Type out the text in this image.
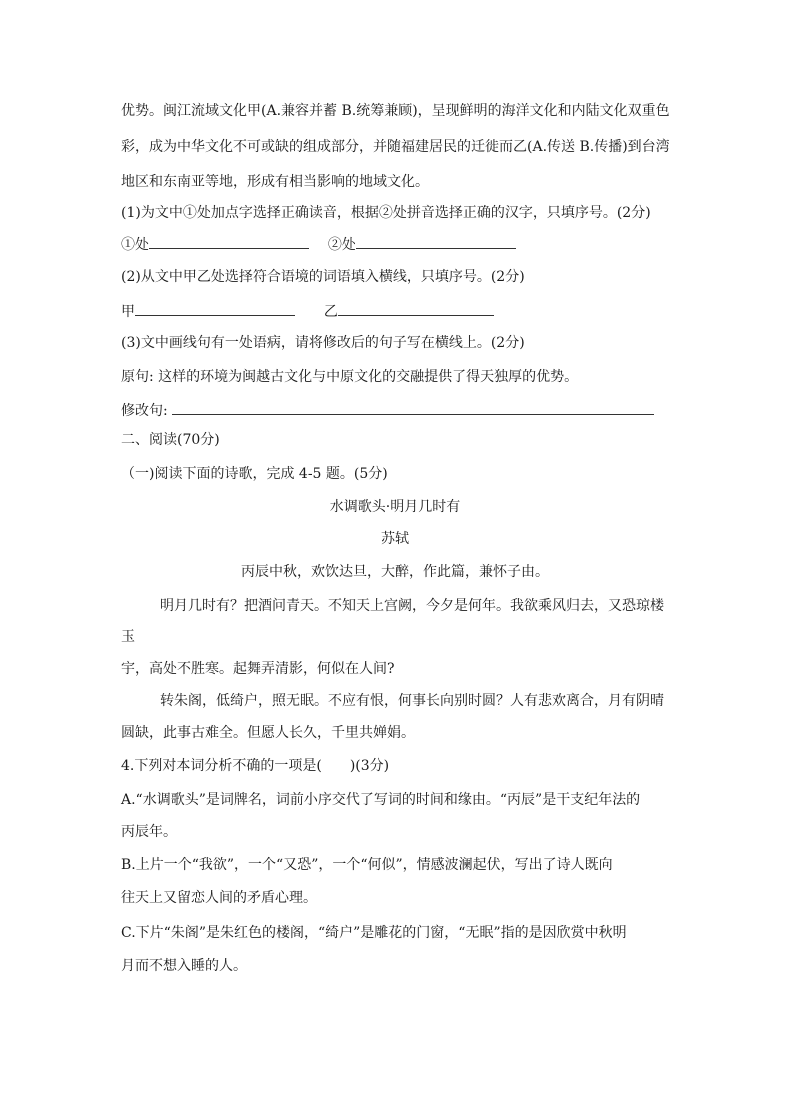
优势。闽江流域文化甲(A.兼容并蓄 B.统筹兼顾)，呈现鲜明的海洋文化和内陆文化双重色
彩，成为中华文化不可或缺的组成部分，并随福建居民的迁徙而乙(A.传送 B.传播)到台湾
地区和东南亚等地，形成有相当影响的地域文化。
(1)为文中①处加点字选择正确读音，根据②处拼音选择正确的汉字，只填序号。(2分)
①处	②处
(2)从文中甲乙处选择符合语境的词语填入横线，只填序号。(2分)
甲	乙
(3)文中画线句有一处语病，请将修改后的句子写在横线上。(2分)
原句: 这样的环境为闽越古文化与中原文化的交融提供了得天独厚的优势。
修改句:
二、阅读(70分)
（一)阅读下面的诗歌，完成 4-5 题。(5分)
水调歌头·明月几时有
苏轼
丙辰中秋，欢饮达旦，大醉，作此篇，兼怀子由。
明月几时有？把酒问青天。不知天上宫阙，今夕是何年。我欲乘风归去，又恐琼楼
玉
宇，高处不胜寒。起舞弄清影，何似在人间?
转朱阁，低绮户，照无眠。不应有恨，何事长向别时圆？人有悲欢离合，月有阴晴
圆缺，此事古难全。但愿人长久，千里共婵娟。
4.下列对本词分析不确的一项是(　　)(3分)
A.“水调歌头”是词牌名，词前小序交代了写词的时间和缘由。“丙辰”是干支纪年法的
丙辰年。
B.上片一个“我欲”，一个“又恐”，一个“何似”，情感波澜起伏，写出了诗人既向
往天上又留恋人间的矛盾心理。
C.下片“朱阁”是朱红色的楼阁，“绮户”是雕花的门窗，“无眠”指的是因欣赏中秋明
月而不想入睡的人。
